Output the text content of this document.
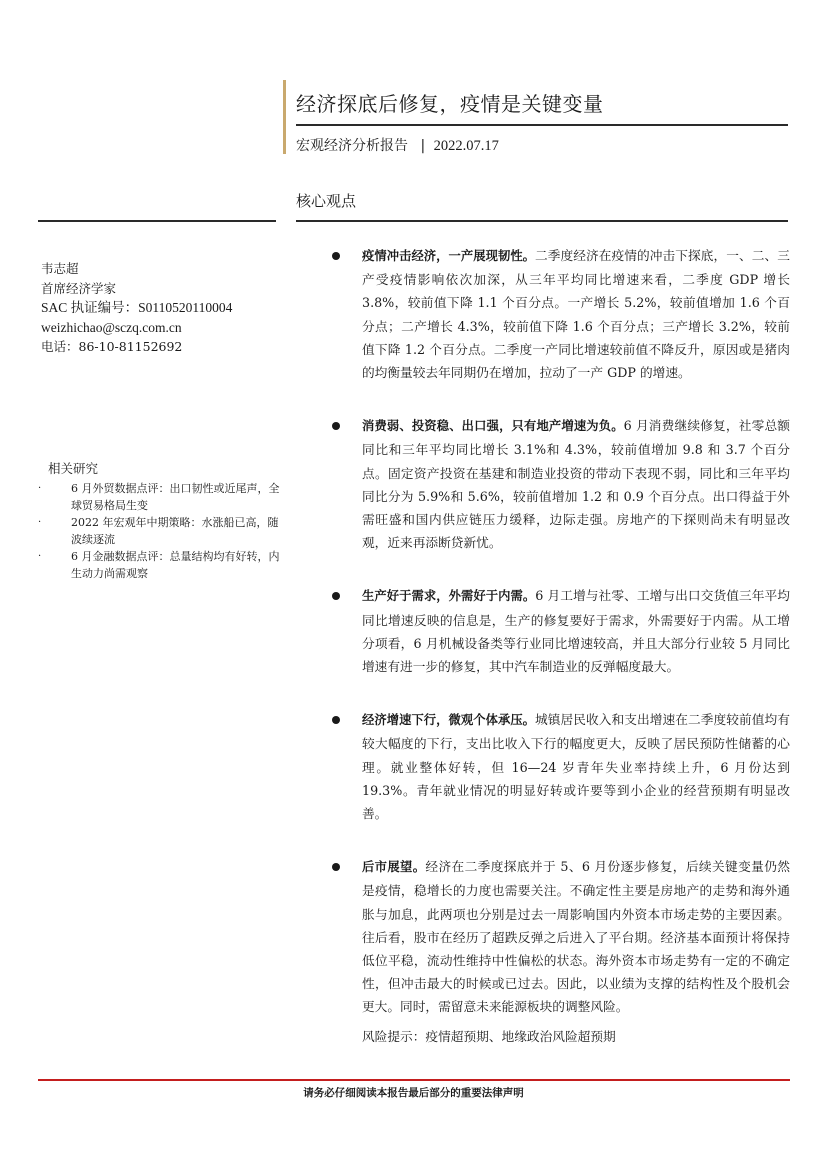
经济探底后修复，疫情是关键变量
宏观经济分析报告 | 2022.07.17
核心观点
韦志超
首席经济学家
SAC 执证编号：S0110520110004
weizhichao@sczq.com.cn
电话：86-10-81152692
相关研究
·	6 月外贸数据点评：出口韧性或近尾声，全球贸易格局生变
·	2022 年宏观年中期策略：水涨船已高，随波续逐流
·	6 月金融数据点评：总量结构均有好转，内生动力尚需观察
疫情冲击经济，一产展现韧性。二季度经济在疫情的冲击下探底，一、二、三产受疫情影响依次加深，从三年平均同比增速来看，二季度 GDP 增长 3.8%，较前值下降 1.1 个百分点。一产增长 5.2%，较前值增加 1.6 个百分点；二产增长 4.3%，较前值下降 1.6 个百分点；三产增长 3.2%，较前值下降 1.2 个百分点。二季度一产同比增速较前值不降反升，原因或是猪肉的均衡量较去年同期仍在增加，拉动了一产 GDP 的增速。
消费弱、投资稳、出口强，只有地产増速为负。6 月消费继续修复，社零总额同比和三年平均同比增长 3.1%和 4.3%，较前值增加 9.8 和 3.7 个百分点。固定资产投资在基建和制造业投资的带动下表现不弱，同比和三年平均同比分为 5.9%和 5.6%，较前值增加 1.2 和 0.9 个百分点。出口得益于外需旺盛和国内供应链压力缓释，边际走强。房地产的下探则尚未有明显改观，近来再添断贷新忧。
生产好于需求，外需好于内需。6 月工增与社零、工增与出口交货值三年平均同比增速反映的信息是，生产的修复要好于需求，外需要好于内需。从工增分项看，6 月机械设备类等行业同比增速较高，并且大部分行业较 5 月同比增速有进一步的修复，其中汽车制造业的反弹幅度最大。
经济增速下行，微观个体承压。城镇居民收入和支出增速在二季度较前值均有较大幅度的下行，支出比收入下行的幅度更大，反映了居民预防性储蓄的心理。就业整体好转，但 16—24 岁青年失业率持续上升，6 月份达到 19.3%。青年就业情况的明显好转或许要等到小企业的经营预期有明显改善。
后市展望。经济在二季度探底并于 5、6 月份逐步修复，后续关键变量仍然是疫情，稳增长的力度也需要关注。不确定性主要是房地产的走势和海外通胀与加息，此两项也分别是过去一周影响国内外资本市场走势的主要因素。往后看，股市在经历了超跌反弹之后进入了平台期。经济基本面预计将保持低位平稳，流动性维持中性偏松的状态。海外资本市场走势有一定的不确定性，但冲击最大的时候或已过去。因此，以业绩为支撑的结构性及个股机会更大。同时，需留意未来能源板块的调整风险。
风险提示：疫情超预期、地缘政治风险超预期
请务必仔细阅读本报告最后部分的重要法律声明
